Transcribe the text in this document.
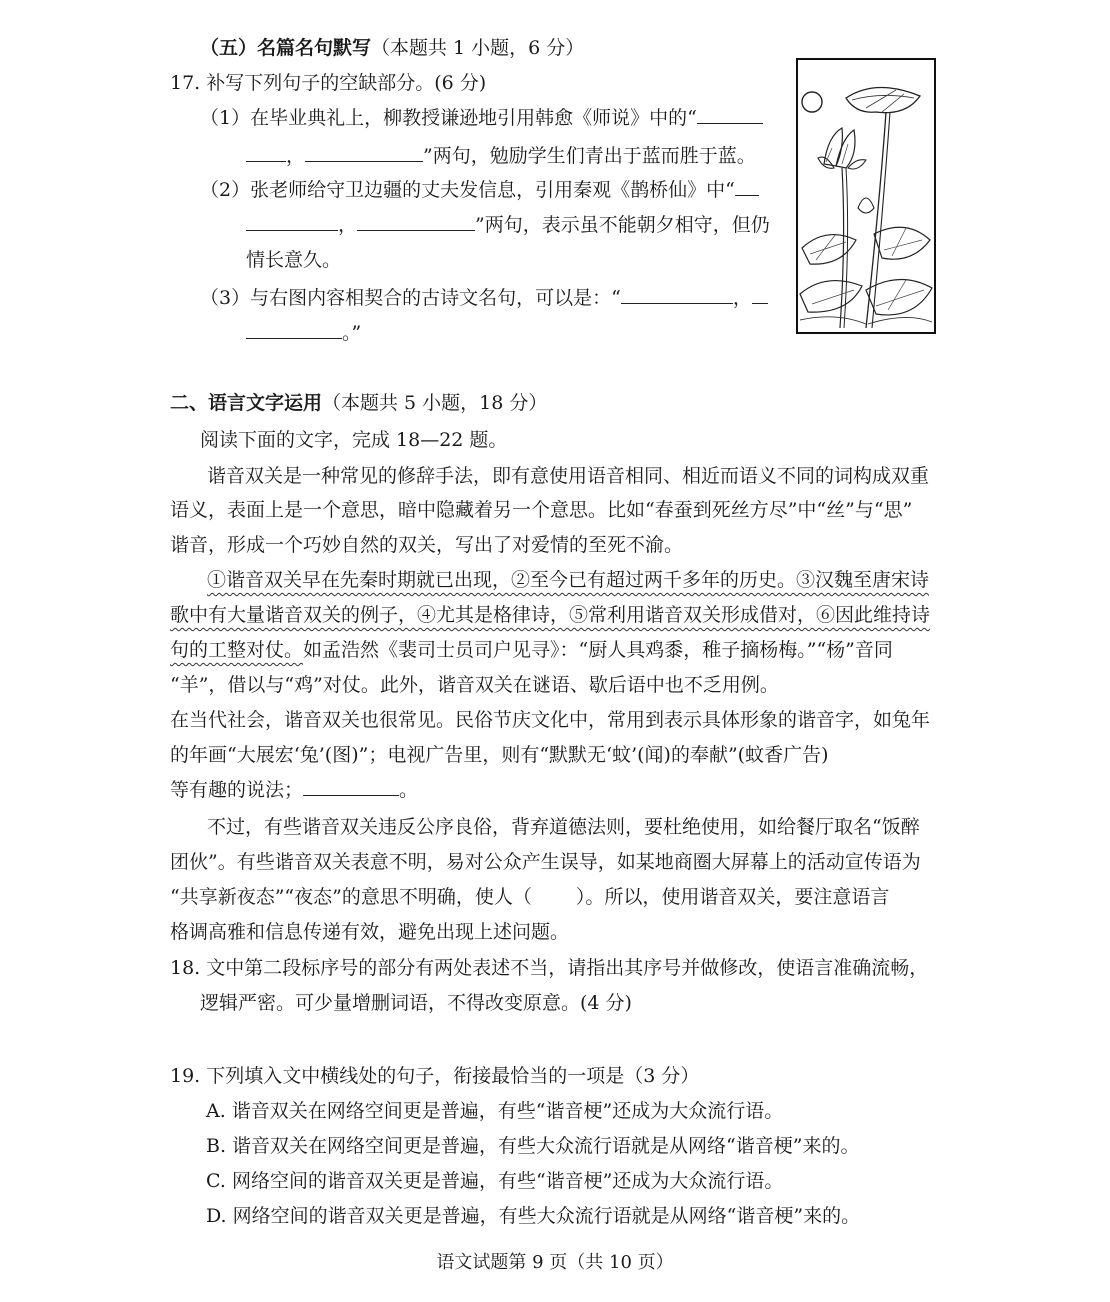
（五）名篇名句默写（本题共 1 小题，6 分）
17. 补写下列句子的空缺部分。(6 分)
（1）在毕业典礼上，柳教授谦逊地引用韩愈《师说》中的“
，	”两句，勉励学生们青出于蓝而胜于蓝。
（2）张老师给守卫边疆的丈夫发信息，引用秦观《鹊桥仙》中“
，	”两句，表示虽不能朝夕相守，但仍
情长意久。
（3）与右图内容相契合的古诗文名句，可以是：“	，
。”
二、语言文字运用（本题共 5 小题，18 分）
阅读下面的文字，完成 18—22 题。
谐音双关是一种常见的修辞手法，即有意使用语音相同、相近而语义不同的词构成双重
语义，表面上是一个意思，暗中隐藏着另一个意思。比如“春蚕到死丝方尽”中“丝”与“思”
谐音，形成一个巧妙自然的双关，写出了对爱情的至死不渝。
①谐音双关早在先秦时期就已出现，②至今已有超过两千多年的历史。③汉魏至唐宋诗
歌中有大量谐音双关的例子，④尤其是格律诗，⑤常利用谐音双关形成借对，⑥因此维持诗
句的工整对仗。如孟浩然《裴司士员司户见寻》：“厨人具鸡黍，稚子摘杨梅。”“杨”音同
“羊”，借以与“鸡”对仗。此外，谐音双关在谜语、歇后语中也不乏用例。
在当代社会，谐音双关也很常见。民俗节庆文化中，常用到表示具体形象的谐音字，如兔年
的年画“大展宏‘兔’(图)”；电视广告里，则有“默默无‘蚊’(闻)的奉献”(蚊香广告)
等有趣的说法；	。
不过，有些谐音双关违反公序良俗，背弃道德法则，要杜绝使用，如给餐厅取名“饭醉
团伙”。有些谐音双关表意不明，易对公众产生误导，如某地商圈大屏幕上的活动宣传语为
“共享新夜态”“夜态”的意思不明确，使人（ ）。所以，使用谐音双关，要注意语言
格调高雅和信息传递有效，避免出现上述问题。
18. 文中第二段标序号的部分有两处表述不当，请指出其序号并做修改，使语言准确流畅，
逻辑严密。可少量增删词语，不得改变原意。(4 分)
19. 下列填入文中横线处的句子，衔接最恰当的一项是（3 分）
A. 谐音双关在网络空间更是普遍，有些“谐音梗”还成为大众流行语。
B. 谐音双关在网络空间更是普遍，有些大众流行语就是从网络“谐音梗”来的。
C. 网络空间的谐音双关更是普遍，有些“谐音梗”还成为大众流行语。
D. 网络空间的谐音双关更是普遍，有些大众流行语就是从网络“谐音梗”来的。
语文试题第 9 页（共 10 页）
